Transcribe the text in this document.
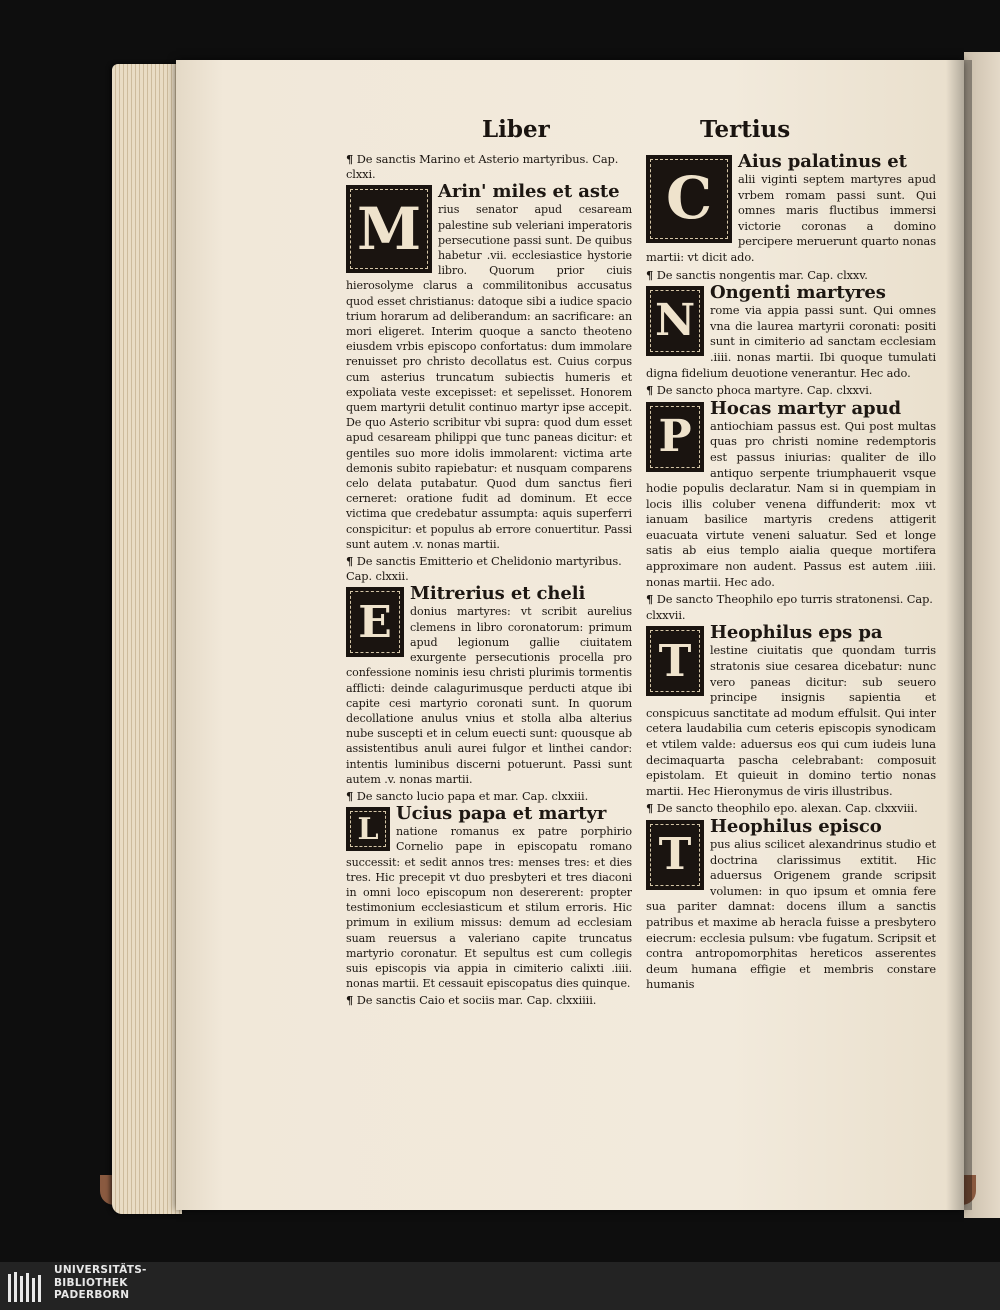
Liber	Tertius
¶ De sanctis Marino et Asterio martyribus. Cap. clxxi.
M
Arin' miles et aste
rius senator apud cesaream palestine sub veleriani imperatoris persecutione passi sunt. De quibus habetur .vii. ecclesiastice hystorie libro. Quorum prior ciuis hierosolyme clarus a commilitonibus accusatus quod esset christianus: datoque sibi a iudice spacio trium horarum ad deliberandum: an sacrificare: an mori eligeret. Interim quoque a sancto theoteno eiusdem vrbis episcopo confortatus: dum immolare renuisset pro christo decollatus est. Cuius corpus cum asterius truncatum subiectis humeris et expoliata veste excepisset: et sepelisset. Honorem quem martyrii detulit continuo martyr ipse accepit. De quo Asterio scribitur vbi supra: quod dum esset apud cesaream philippi que tunc paneas dicitur: et gentiles suo more idolis immolarent: victima arte demonis subito rapiebatur: et nusquam comparens celo delata putabatur. Quod dum sanctus fieri cerneret: oratione fudit ad dominum. Et ecce victima que credebatur assumpta: aquis superferri conspicitur: et populus ab errore conuertitur. Passi sunt autem .v. nonas martii.
¶ De sanctis Emitterio et Chelidonio martyribus. Cap. clxxii.
E
Mitrerius et cheli
donius martyres: vt scribit aurelius clemens in libro coronatorum: primum apud legionum gallie ciuitatem exurgente persecutionis procella pro confessione nominis iesu christi plurimis tormentis afflicti: deinde calagurimusque perducti atque ibi capite cesi martyrio coronati sunt. In quorum decollatione anulus vnius et stolla alba alterius nube suscepti et in celum euecti sunt: quousque ab assistentibus anuli aurei fulgor et linthei candor: intentis luminibus discerni potuerunt. Passi sunt autem .v. nonas martii.
¶ De sancto lucio papa et mar. Cap. clxxiii.
L Ucius papa et martyr
natione romanus ex patre porphirio Cornelio pape in episcopatu romano successit: et sedit annos tres: menses tres: et dies tres. Hic precepit vt duo presbyteri et tres diaconi in omni loco episcopum non desererent: propter testimonium ecclesiasticum et stilum erroris. Hic primum in exilium missus: demum ad ecclesiam suam reuersus a valeriano capite truncatus martyrio coronatur. Et sepultus est cum collegis suis episcopis via appia in cimiterio calixti .iiii. nonas martii. Et cessauit episcopatus dies quinque.
¶ De sanctis Caio et sociis mar. Cap. clxxiiii.
C
Aius palatinus et
alii viginti septem martyres apud vrbem romam passi sunt. Qui omnes maris fluctibus immersi victorie coronas a domino percipere meruerunt quarto nonas martii: vt dicit ado.
¶ De sanctis nongentis mar. Cap. clxxv.
N
Ongenti martyres
rome via appia passi sunt. Qui omnes vna die laurea martyrii coronati: positi sunt in cimiterio ad sanctam ecclesiam .iiii. nonas martii. Ibi quoque tumulati digna fidelium deuotione venerantur. Hec ado.
¶ De sancto phoca martyre. Cap. clxxvi.
P
Hocas martyr apud
antiochiam passus est. Qui post multas quas pro christi nomine redemptoris est passus iniurias: qualiter de illo antiquo serpente triumphauerit vsque hodie populis declaratur. Nam si in quempiam in locis illis coluber venena diffunderit: mox vt ianuam basilice martyris credens attigerit euacuata virtute veneni saluatur. Sed et longe satis ab eius templo aialia queque mortifera approximare non audent. Passus est autem .iiii. nonas martii. Hec ado.
¶ De sancto Theophilo epo turris stratonensi. Cap. clxxvii.
T
Heophilus eps pa
lestine ciuitatis que quondam turris stratonis siue cesarea dicebatur: nunc vero paneas dicitur: sub seuero principe insignis sapientia et conspicuus sanctitate ad modum effulsit. Qui inter cetera laudabilia cum ceteris episcopis synodicam et vtilem valde: aduersus eos qui cum iudeis luna decimaquarta pascha celebrabant: composuit epistolam. Et quieuit in domino tertio nonas martii. Hec Hieronymus de viris illustribus.
¶ De sancto theophilo epo. alexan. Cap. clxxviii.
T
Heophilus episco
pus alius scilicet alexandrinus studio et doctrina clarissimus extitit. Hic aduersus Origenem grande scripsit volumen: in quo ipsum et omnia fere sua pariter damnat: docens illum a sanctis patribus et maxime ab heracla fuisse a presbytero eiecrum: ecclesia pulsum: vbe fugatum. Scripsit et contra antropomorphitas hereticos asserentes deum humana effigie et membris constare humanis
UNIVERSITÄTS-
BIBLIOTHEK
PADERBORN
